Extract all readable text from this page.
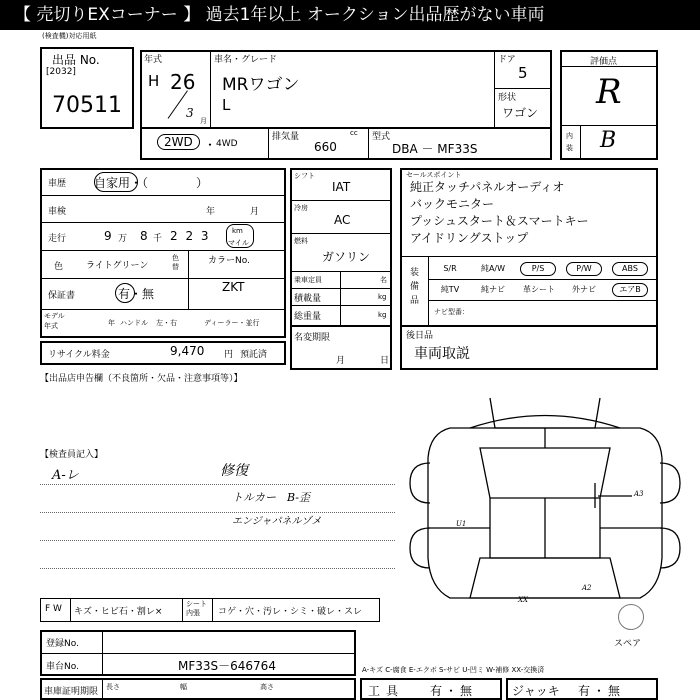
【 売切りEXコーナー 】 過去1年以上 オークション出品歴がない車両
(検査機)対応用紙
出品 No.
[2032]
70511
年式
H 26
3
月
車名・グレード
MRワゴン
L
ドア
5
形状
ワゴン
2WD ・ 4WD
排気量	cc
660
型式
DBA － MF33S
評価点
R
内装 B
車歴 自家用・（　　　　）
車検	年	月
走行	9 万 8 千 2 2 3	km
マイル
色	ライトグリーン
色替
カラーNo.
ZKT
保証書	有・無
モデル
年式	年 ハンドル 左・右	ディーラー・並行
リサイクル料金	9,470 円 預託済
シフト
IAT
冷房
AC
燃料
ガソリン
乗車定員	名
積載量	kg
総重量	kg
名変期限
月	日
セールスポイント
純正タッチパネルオーディオ
バックモニター
プッシュスタート＆スマートキー
アイドリングストップ
装備品
S/R	純A/W	P/S	P/W	ABS
純TV	純ナビ	革シート	外ナビ	エアB
ナビ型番：
後日品
車両取説
【出品店申告欄（不良箇所・欠品・注意事項等）】
【検査員記入】
A-レ	修復
トルカー　B-歪
エンジャパネルゾメ
A3
U1
A2
XX
スペア
F W キズ・ヒビ石・割レ×
シート内張	コゲ・穴・汚レ・シミ・破レ・スレ
登録No.
車台No.	MF33S－646764	A-キズ C-腐食 E-エクボ S-サビ U-凹ミ W-補修 XX-交換済
車庫証明期限 長さ	幅	高さ	工具 有・無	ジャッキ 有・無
